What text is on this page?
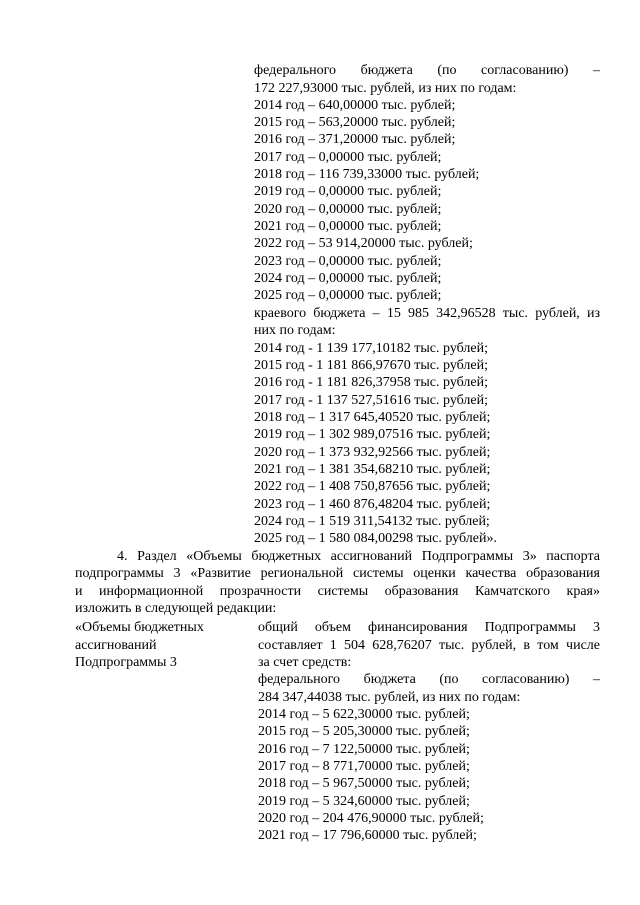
федерального бюджета (по согласованию) –
172 227,93000 тыс. рублей, из них по годам:
2014 год – 640,00000 тыс. рублей;
2015 год – 563,20000 тыс. рублей;
2016 год – 371,20000 тыс. рублей;
2017 год – 0,00000 тыс. рублей;
2018 год – 116 739,33000 тыс. рублей;
2019 год – 0,00000 тыс. рублей;
2020 год – 0,00000 тыс. рублей;
2021 год – 0,00000 тыс. рублей;
2022 год – 53 914,20000 тыс. рублей;
2023 год – 0,00000 тыс. рублей;
2024 год – 0,00000 тыс. рублей;
2025 год – 0,00000 тыс. рублей;
краевого бюджета – 15 985 342,96528 тыс. рублей, из
них по годам:
2014 год - 1 139 177,10182 тыс. рублей;
2015 год - 1 181 866,97670 тыс. рублей;
2016 год - 1 181 826,37958 тыс. рублей;
2017 год - 1 137 527,51616 тыс. рублей;
2018 год – 1 317 645,40520 тыс. рублей;
2019 год – 1 302 989,07516 тыс. рублей;
2020 год – 1 373 932,92566 тыс. рублей;
2021 год – 1 381 354,68210 тыс. рублей;
2022 год – 1 408 750,87656 тыс. рублей;
2023 год – 1 460 876,48204 тыс. рублей;
2024 год – 1 519 311,54132 тыс. рублей;
2025 год – 1 580 084,00298 тыс. рублей».
4. Раздел «Объемы бюджетных ассигнований Подпрограммы 3» паспорта
подпрограммы 3 «Развитие региональной системы оценки качества образования
и информационной прозрачности системы образования Камчатского края»
изложить в следующей редакции:
«Объемы бюджетных
ассигнований
Подпрограммы 3
общий объем финансирования Подпрограммы 3
составляет 1 504 628,76207 тыс. рублей, в том числе
за счет средств:
федерального бюджета (по согласованию) –
284 347,44038 тыс. рублей, из них по годам:
2014 год – 5 622,30000 тыс. рублей;
2015 год – 5 205,30000 тыс. рублей;
2016 год – 7 122,50000 тыс. рублей;
2017 год – 8 771,70000 тыс. рублей;
2018 год – 5 967,50000 тыс. рублей;
2019 год – 5 324,60000 тыс. рублей;
2020 год – 204 476,90000 тыс. рублей;
2021 год – 17 796,60000 тыс. рублей;
